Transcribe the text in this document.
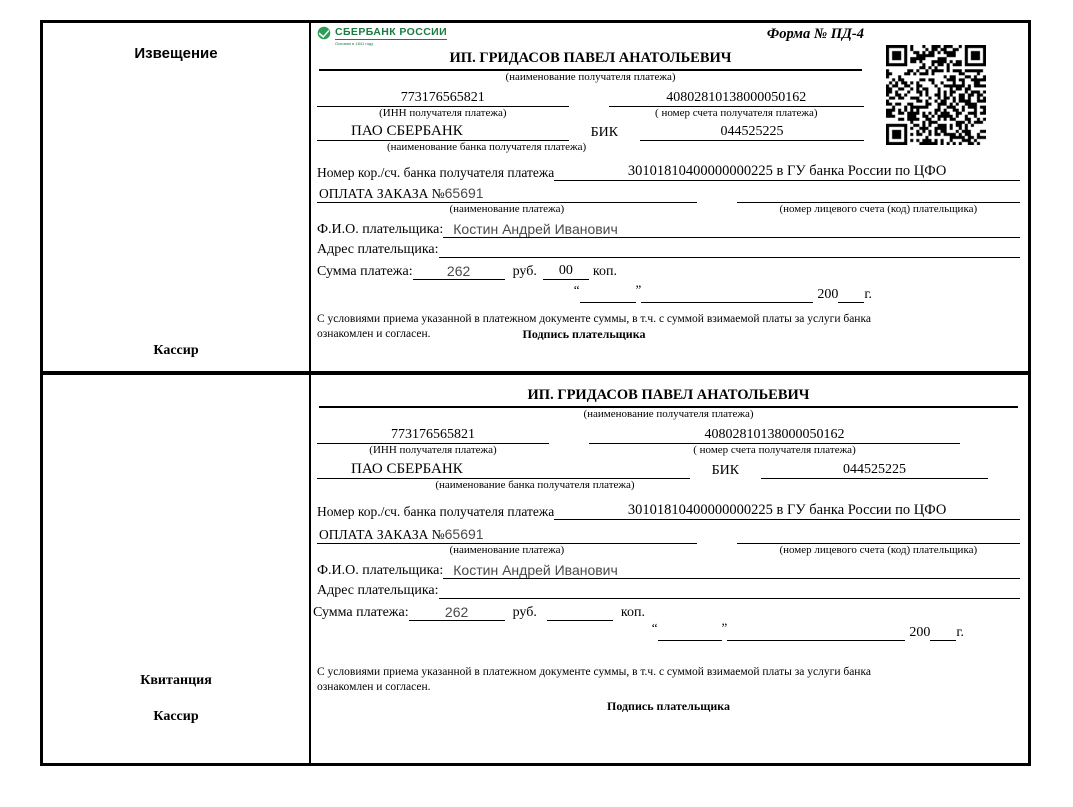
Извещение
Кассир
СБЕРБАНК РОССИИ
Основан в 1841 году
Форма № ПД-4
ИП. ГРИДАСОВ ПАВЕЛ АНАТОЛЬЕВИЧ
(наименование получателя платежа)
773176565821	40802810138000050162
(ИНН получателя платежа)	( номер счета получателя платежа)
ПАО СБЕРБАНК	БИК	044525225
(наименование банка получателя платежа)
Номер кор./сч. банка получателя платежа	30101810400000000225 в ГУ банка России по ЦФО
ОПЛАТА ЗАКАЗА № 65691
(наименование платежа)	(номер лицевого счета (код) плательщика)
Ф.И.О. плательщика: Костин Андрей Иванович
Адрес плательщика:
Сумма платежа:	262	руб.	00	коп.
“	”	200 г.
С условиями приема указанной в платежном документе суммы, в т.ч. с суммой взимаемой платы за услуги банка
ознакомлен и согласен.	Подпись плательщика
Квитанция
Кассир
ИП. ГРИДАСОВ ПАВЕЛ АНАТОЛЬЕВИЧ
(наименование получателя платежа)
773176565821	40802810138000050162
(ИНН получателя платежа)	( номер счета получателя платежа)
ПАО СБЕРБАНК	БИК	044525225
(наименование банка получателя платежа)
Номер кор./сч. банка получателя платежа	30101810400000000225 в ГУ банка России по ЦФО
ОПЛАТА ЗАКАЗА № 65691
(наименование платежа)	(номер лицевого счета (код) плательщика)
Ф.И.О. плательщика: Костин Андрей Иванович
Адрес плательщика:
Сумма платежа:	262	руб.	коп.
“	”	200 г.
С условиями приема указанной в платежном документе суммы, в т.ч. с суммой взимаемой платы за услуги банка
ознакомлен и согласен.
Подпись плательщика
